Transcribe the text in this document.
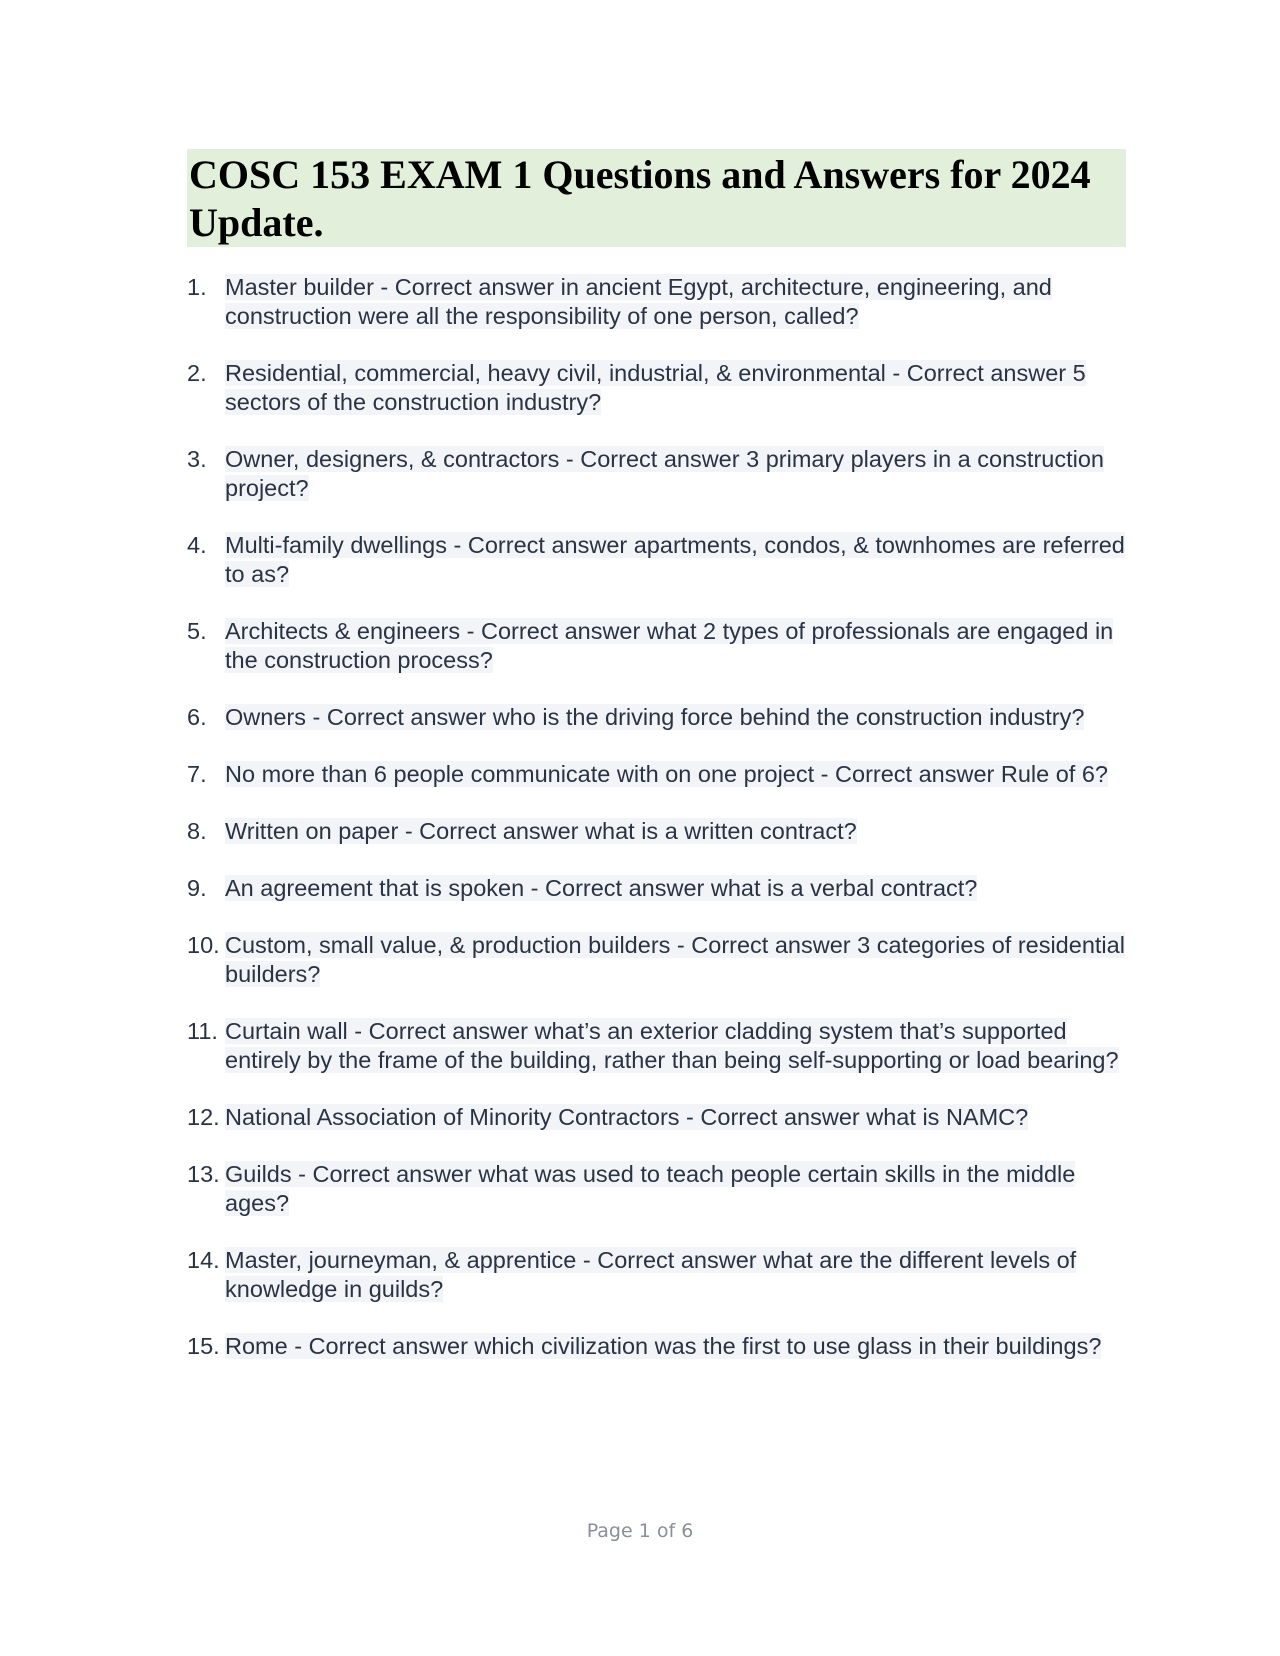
COSC 153 EXAM 1 Questions and Answers for 2024 Update.
1. Master builder - Correct answer in ancient Egypt, architecture, engineering, and construction were all the responsibility of one person, called?
2. Residential, commercial, heavy civil, industrial, & environmental - Correct answer 5 sectors of the construction industry?
3. Owner, designers, & contractors - Correct answer 3 primary players in a construction project?
4. Multi-family dwellings - Correct answer apartments, condos, & townhomes are referred to as?
5. Architects & engineers - Correct answer what 2 types of professionals are engaged in the construction process?
6. Owners - Correct answer who is the driving force behind the construction industry?
7. No more than 6 people communicate with on one project - Correct answer Rule of 6?
8. Written on paper - Correct answer what is a written contract?
9. An agreement that is spoken - Correct answer what is a verbal contract?
10. Custom, small value, & production builders - Correct answer 3 categories of residential builders?
11. Curtain wall - Correct answer what’s an exterior cladding system that’s supported entirely by the frame of the building, rather than being self-supporting or load bearing?
12. National Association of Minority Contractors - Correct answer what is NAMC?
13. Guilds - Correct answer what was used to teach people certain skills in the middle ages?
14. Master, journeyman, & apprentice - Correct answer what are the different levels of knowledge in guilds?
15. Rome - Correct answer which civilization was the first to use glass in their buildings?
Page 1 of 6
